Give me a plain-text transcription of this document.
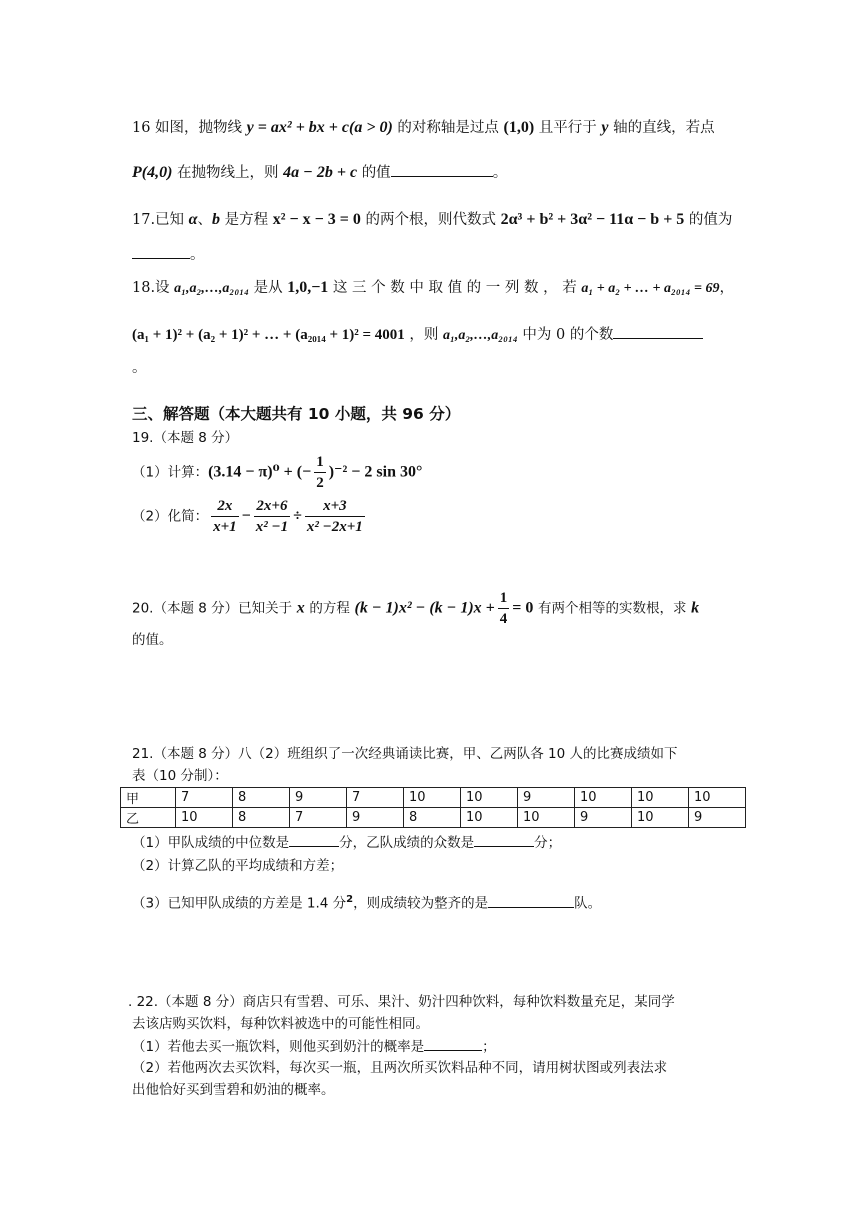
16 如图，抛物线 y = ax² + bx + c(a > 0) 的对称轴是过点 (1,0) 且平行于 y 轴的直线，若点
P(4,0) 在抛物线上，则 4a − 2b + c 的值	。
17.已知 α、b 是方程 x² − x − 3 = 0 的两个根，则代数式 2α³ + b² + 3α² − 11α − b + 5 的值为
。
18.设 a₁,a₂,…,a₂₀₁₄ 是从 1,0,−1 这 三 个 数 中 取 值 的 一 列 数 ， 若 a₁ + a₂ + … + a₂₀₁₄ = 69，
(a₁ + 1)² + (a₂ + 1)² + … + (a₂₀₁₄ + 1)² = 4001 ，则 a₁,a₂,…,a₂₀₁₄ 中为 0 的个数
。
三、解答题（本大题共有 10 小题，共 96 分）
19.（本题 8 分）
（1）计算：(3.14 − π)⁰ + (− $\frac{1}{2} )^{-2} - 2$ sin 30°
（2）化简： $\frac{2x}{x+1} - \frac{2x+6}{\text{x² −1}} \div \frac{x+3}{\text{x² −2x+1}}$
20.（本题 8 分）已知关于 x 的方程 $(k - 1)x^2 - (k - 1)x + \frac{1}{4} = 0$ 有两个相等的实数根，求 k
的值。
21.（本题 8 分）八（2）班组织了一次经典诵读比赛，甲、乙两队各 10 人的比赛成绩如下
表（10 分制）：
甲	7	8	9	7	10	10	9	10	10	10
乙	10	8	7	9	8	10	10	9	10	9
（1）甲队成绩的中位数是	分，乙队成绩的众数是	分；
（2）计算乙队的平均成绩和方差；
（3）已知甲队成绩的方差是 1.4 分$^2$，则成绩较为整齐的是	队。
. 22.（本题 8 分）商店只有雪碧、可乐、果汁、奶汁四种饮料，每种饮料数量充足，某同学
去该店购买饮料，每种饮料被选中的可能性相同。
（1）若他去买一瓶饮料，则他买到奶汁的概率是	；
（2）若他两次去买饮料，每次买一瓶，且两次所买饮料品种不同，请用树状图或列表法求
出他恰好买到雪碧和奶油的概率。
